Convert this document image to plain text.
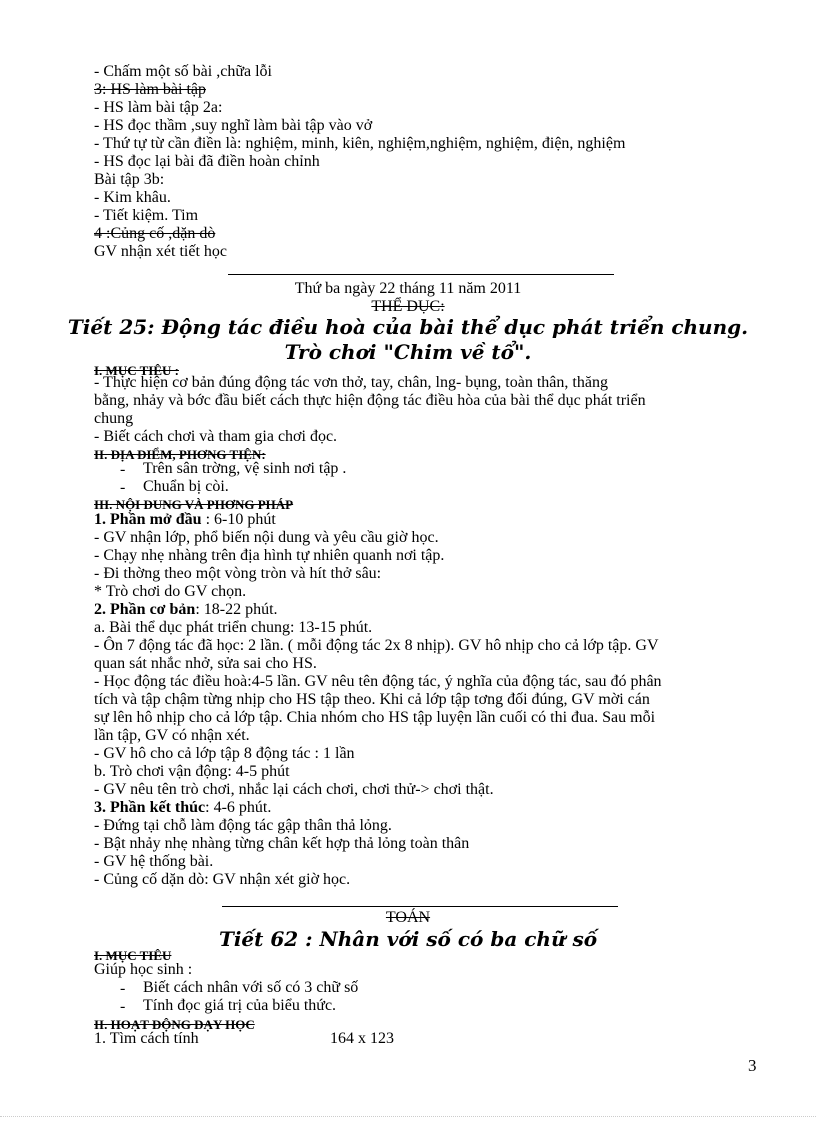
- Chấm một số bài ,chữa lỗi
3: HS làm bài tập
- HS làm bài tập 2a:
- HS đọc thầm ,suy nghĩ làm bài tập vào vở
- Thứ tự từ cần điền là: nghiệm, minh, kiên, nghiệm,nghiệm, nghiệm, điện, nghiệm
- HS đọc lại bài đã điền hoàn chỉnh
Bài tập 3b:
- Kim khâu.
- Tiết kiệm. Tim
4 :Củng cố ,dặn dò
GV nhận xét tiết học
Thứ ba ngày 22 tháng 11 năm 2011
THỂ DỤC:
Tiết 25: Động tác điều hoà của bài thể dục phát triển chung.
Trò chơi "Chim về tổ".
I. MỤC TIÊU :
- Thực hiện cơ bản đúng động tác vơn thở, tay, chân, lng- bụng, toàn thân, thăng
bằng, nhảy và bớc đầu biết cách thực hiện động tác điều hòa của bài thể dục phát triển
chung
- Biết cách chơi và tham gia chơi đọc.
II. ĐỊA ĐIỂM, PHƠNG TIỆN:
- Trên sân trờng, vệ sinh nơi tập .
- Chuẩn bị còi.
III. NỘI DUNG VÀ PHƠNG PHÁP
1. Phần mở đầu : 6-10 phút
- GV nhận lớp, phổ biến nội dung và yêu cầu giờ học.
- Chạy nhẹ nhàng trên địa hình tự nhiên quanh nơi tập.
- Đi thờng theo một vòng tròn và hít thở sâu:
* Trò chơi do GV chọn.
2. Phần cơ bản: 18-22 phút.
a. Bài thể dục phát triển chung: 13-15 phút.
- Ôn 7 động tác đã học: 2 lần. ( mỗi động tác 2x 8 nhịp). GV hô nhịp cho cả lớp tập. GV
quan sát nhắc nhở, sửa sai cho HS.
- Học động tác điều hoà:4-5 lần. GV nêu tên động tác, ý nghĩa của động tác, sau đó phân
tích và tập chậm từng nhịp cho HS tập theo. Khi cả lớp tập tơng đối đúng, GV mời cán
sự lên hô nhịp cho cả lớp tập. Chia nhóm cho HS tập luyện lần cuối có thi đua. Sau mỗi
lần tập, GV có nhận xét.
- GV hô cho cả lớp tập 8 động tác : 1 lần
b. Trò chơi vận động: 4-5 phút
- GV nêu tên trò chơi, nhắc lại cách chơi, chơi thử-> chơi thật.
3. Phần kết thúc: 4-6 phút.
- Đứng tại chỗ làm động tác gập thân thả lỏng.
- Bật nhảy nhẹ nhàng từng chân kết hợp thả lỏng toàn thân
- GV hệ thống bài.
- Củng cố dặn dò: GV nhận xét giờ học.
TOÁN
Tiết 62 : Nhân với số có ba chữ số
I. MỤC TIÊU
Giúp học sinh :
- Biết cách nhân với số có 3 chữ số
- Tính đọc giá trị của biểu thức.
II. HOẠT ĐỘNG DẠY HỌC
1. Tìm cách tính	164 x 123
3
